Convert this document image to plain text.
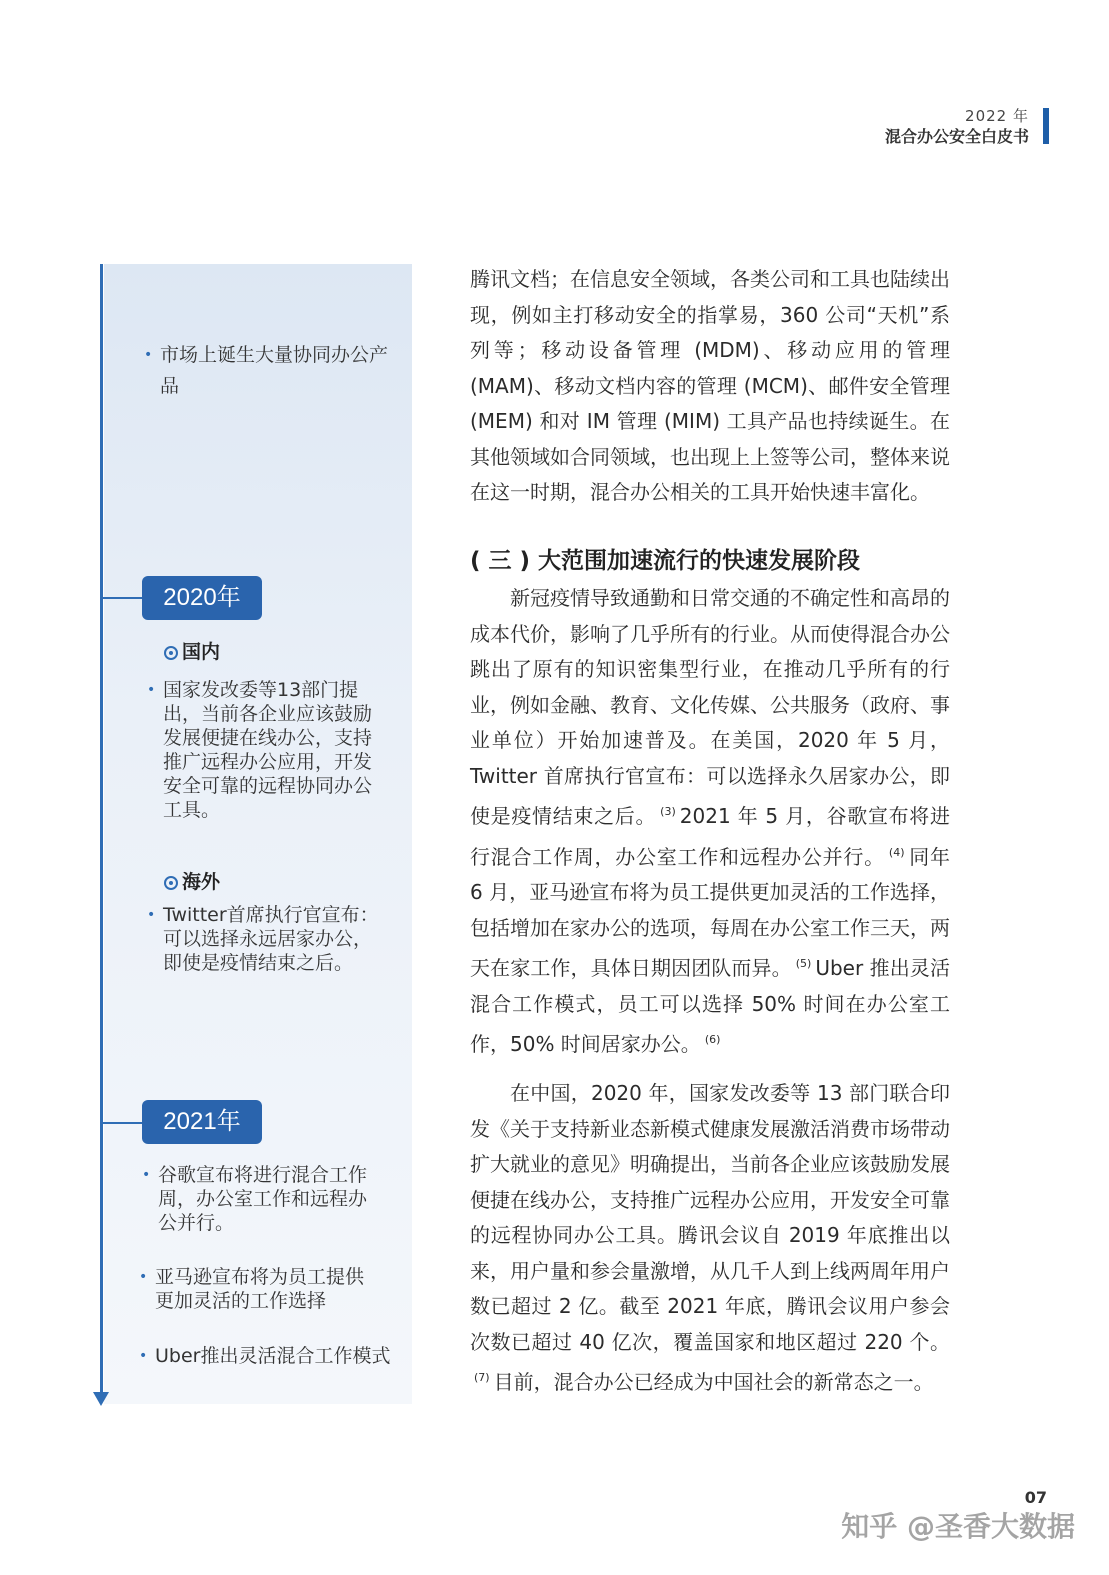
2022 年
混合办公安全白皮书
• 市场上诞生大量协同办公产品
2020年
国内
• 国家发改委等13部门提出，当前各企业应该鼓励发展便捷在线办公，支持推广远程办公应用，开发安全可靠的远程协同办公工具。
海外
• Twitter首席执行官宣布：可以选择永远居家办公，即使是疫情结束之后。
2021年
• 谷歌宣布将进行混合工作周，办公室工作和远程办公并行。
• 亚马逊宣布将为员工提供更加灵活的工作选择
• Uber推出灵活混合工作模式

腾讯文档；在信息安全领域，各类公司和工具也陆续出现，例如主打移动安全的指掌易，360 公司“天机”系列等；移动设备管理 (MDM)、移动应用的管理 (MAM)、移动文档内容的管理 (MCM)、邮件安全管理 (MEM) 和对 IM 管理 (MIM) 工具产品也持续诞生。在其他领域如合同领域，也出现上上签等公司，整体来说在这一时期，混合办公相关的工具开始快速丰富化。

( 三 ) 大范围加速流行的快速发展阶段

新冠疫情导致通勤和日常交通的不确定性和高昂的成本代价，影响了几乎所有的行业。从而使得混合办公跳出了原有的知识密集型行业，在推动几乎所有的行业，例如金融、教育、文化传媒、公共服务（政府、事业单位）开始加速普及。在美国，2020 年 5 月，Twitter 首席执行官宣布：可以选择永久居家办公，即使是疫情结束之后。 $^{(3)}$ 2021 年 5 月，谷歌宣布将进行混合工作周，办公室工作和远程办公并行。 $^{(4)}$ 同年 6 月，亚马逊宣布将为员工提供更加灵活的工作选择，包括增加在家办公的选项，每周在办公室工作三天，两天在家工作，具体日期因团队而异。 $^{(5)}$ Uber 推出灵活混合工作模式，员工可以选择 50% 时间在办公室工作，50% 时间居家办公。 $^{(6)}$

在中国，2020 年，国家发改委等 13 部门联合印发《关于支持新业态新模式健康发展激活消费市场带动扩大就业的意见》明确提出，当前各企业应该鼓励发展便捷在线办公，支持推广远程办公应用，开发安全可靠的远程协同办公工具。腾讯会议自 2019 年底推出以来，用户量和参会量激增，从几千人到上线两周年用户数已超过 2 亿。截至 2021 年底，腾讯会议用户参会次数已超过 40 亿次，覆盖国家和地区超过 220 个。$^{(7)}$ 目前，混合办公已经成为中国社会的新常态之一。

07
知乎 @圣香大数据
